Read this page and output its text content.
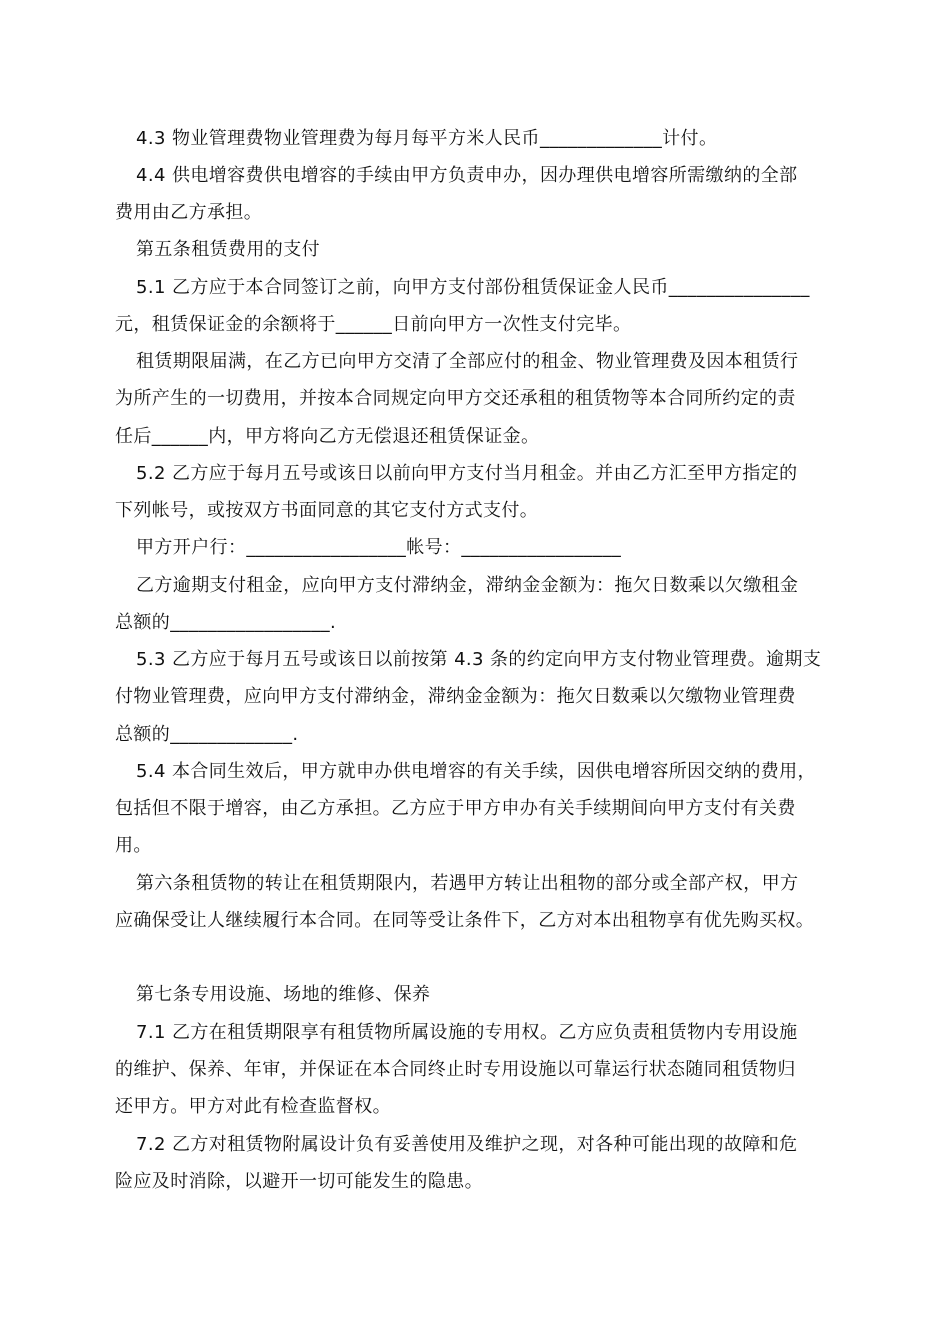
4.3 物业管理费物业管理费为每月每平方米人民币_____________计付。
4.4 供电增容费供电增容的手续由甲方负责申办，因办理供电增容所需缴纳的全部
费用由乙方承担。
第五条租赁费用的支付
5.1 乙方应于本合同签订之前，向甲方支付部份租赁保证金人民币_______________
元，租赁保证金的余额将于______日前向甲方一次性支付完毕。
租赁期限届满，在乙方已向甲方交清了全部应付的租金、物业管理费及因本租赁行
为所产生的一切费用，并按本合同规定向甲方交还承租的租赁物等本合同所约定的责
任后______内，甲方将向乙方无偿退还租赁保证金。
5.2 乙方应于每月五号或该日以前向甲方支付当月租金。并由乙方汇至甲方指定的
下列帐号，或按双方书面同意的其它支付方式支付。
甲方开户行：_________________帐号：_________________
乙方逾期支付租金，应向甲方支付滞纳金，滞纳金金额为：拖欠日数乘以欠缴租金
总额的_________________.
5.3 乙方应于每月五号或该日以前按第 4.3 条的约定向甲方支付物业管理费。逾期支
付物业管理费，应向甲方支付滞纳金，滞纳金金额为：拖欠日数乘以欠缴物业管理费
总额的_____________.
5.4 本合同生效后，甲方就申办供电增容的有关手续，因供电增容所因交纳的费用，
包括但不限于增容，由乙方承担。乙方应于甲方申办有关手续期间向甲方支付有关费
用。
第六条租赁物的转让在租赁期限内，若遇甲方转让出租物的部分或全部产权，甲方
应确保受让人继续履行本合同。在同等受让条件下，乙方对本出租物享有优先购买权。
第七条专用设施、场地的维修、保养
7.1 乙方在租赁期限享有租赁物所属设施的专用权。乙方应负责租赁物内专用设施
的维护、保养、年审，并保证在本合同终止时专用设施以可靠运行状态随同租赁物归
还甲方。甲方对此有检查监督权。
7.2 乙方对租赁物附属设计负有妥善使用及维护之现，对各种可能出现的故障和危
险应及时消除，以避开一切可能发生的隐患。
